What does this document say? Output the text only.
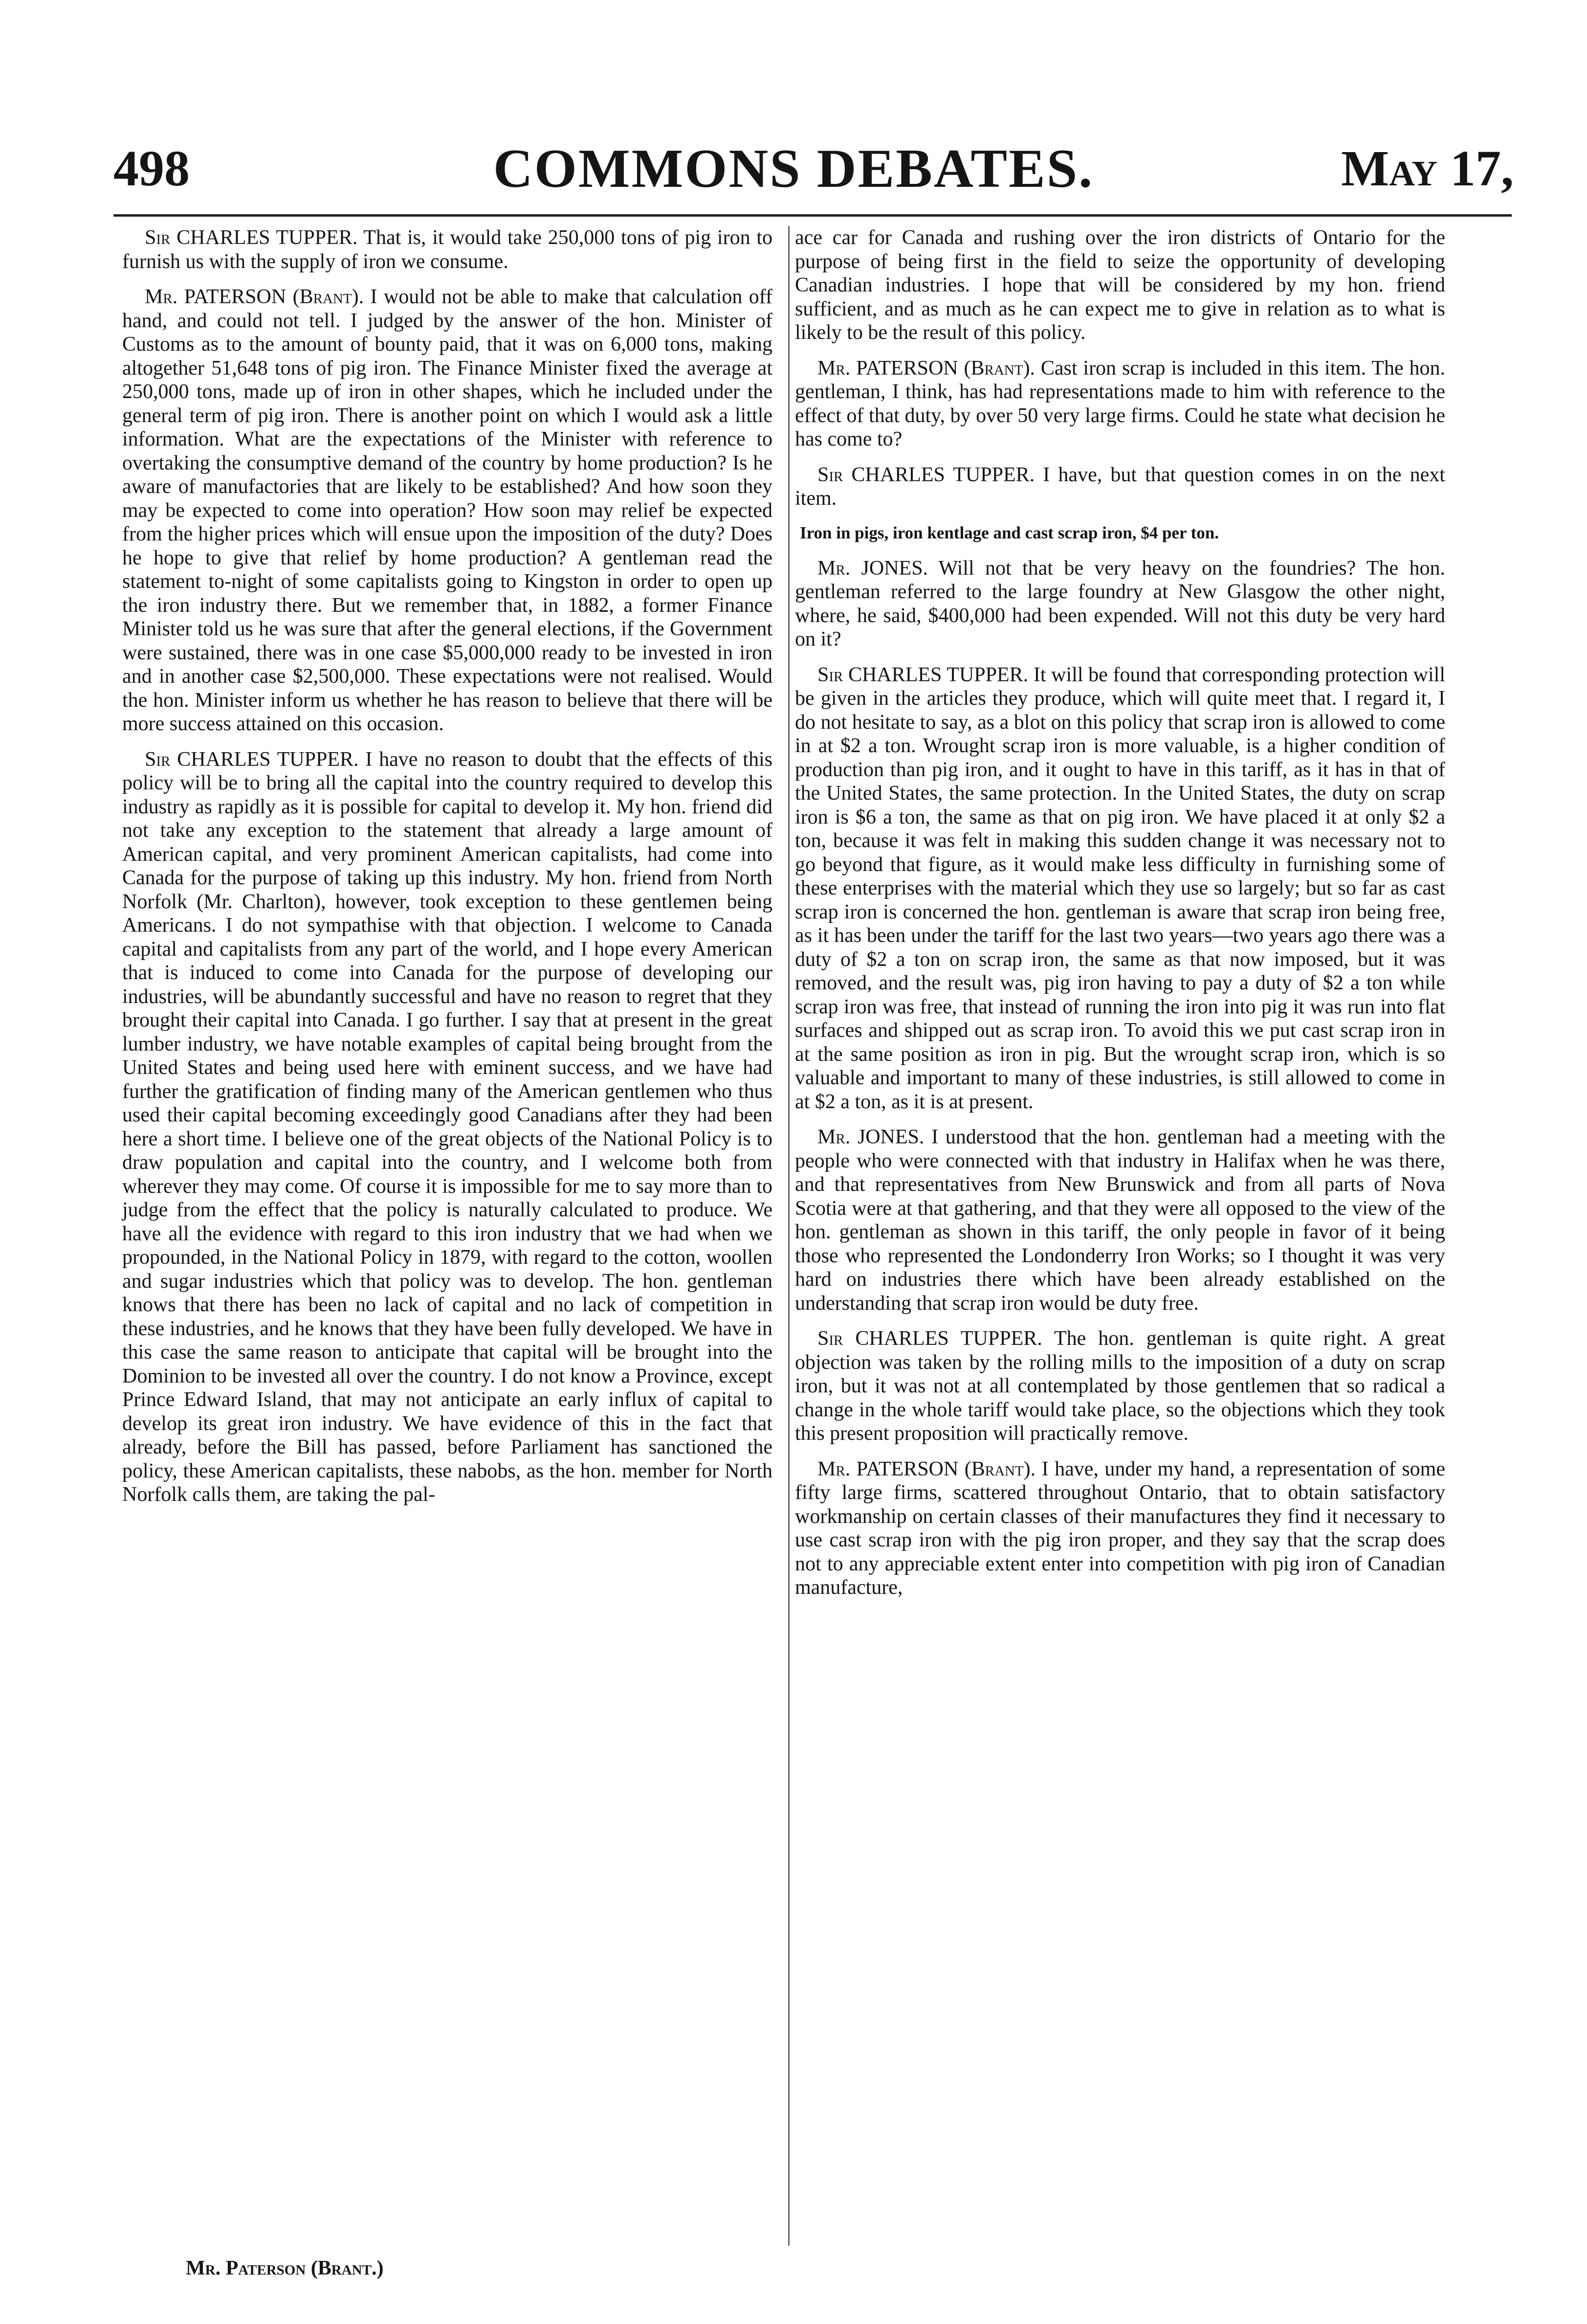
498	COMMONS DEBATES.	May 17,

Sir CHARLES TUPPER. That is, it would take 250,000 tons of pig iron to furnish us with the supply of iron we consume.

Mr. PATERSON (Brant). I would not be able to make that calculation off hand, and could not tell. I judged by the answer of the hon. Minister of Customs as to the amount of bounty paid, that it was on 6,000 tons, making altogether 51,648 tons of pig iron. The Finance Minister fixed the average at 250,000 tons, made up of iron in other shapes, which he included under the general term of pig iron. There is another point on which I would ask a little information. What are the expectations of the Minister with reference to overtaking the consumptive demand of the country by home production? Is he aware of manufactories that are likely to be established? And how soon they may be expected to come into operation? How soon may relief be expected from the higher prices which will ensue upon the imposition of the duty? Does he hope to give that relief by home production? A gentleman read the statement to-night of some capitalists going to Kingston in order to open up the iron industry there. But we remember that, in 1882, a former Finance Minister told us he was sure that after the general elections, if the Government were sustained, there was in one case $5,000,000 ready to be invested in iron and in another case $2,500,000. These expectations were not realised. Would the hon. Minister inform us whether he has reason to believe that there will be more success attained on this occasion.

Sir CHARLES TUPPER. I have no reason to doubt that the effects of this policy will be to bring all the capital into the country required to develop this industry as rapidly as it is possible for capital to develop it. My hon. friend did not take any exception to the statement that already a large amount of American capital, and very prominent American capitalists, had come into Canada for the purpose of taking up this industry. My hon. friend from North Norfolk (Mr. Charlton), however, took exception to these gentlemen being Americans. I do not sympathise with that objection. I welcome to Canada capital and capitalists from any part of the world, and I hope every American that is induced to come into Canada for the purpose of developing our industries, will be abundantly successful and have no reason to regret that they brought their capital into Canada. I go further. I say that at present in the great lumber industry, we have notable examples of capital being brought from the United States and being used here with eminent success, and we have had further the gratification of finding many of the American gentlemen who thus used their capital becoming exceedingly good Canadians after they had been here a short time. I believe one of the great objects of the National Policy is to draw population and capital into the country, and I welcome both from wherever they may come. Of course it is impossible for me to say more than to judge from the effect that the policy is naturally calculated to produce. We have all the evidence with regard to this iron industry that we had when we propounded, in the National Policy in 1879, with regard to the cotton, woollen and sugar industries which that policy was to develop. The hon. gentleman knows that there has been no lack of capital and no lack of competition in these industries, and he knows that they have been fully developed. We have in this case the same reason to anticipate that capital will be brought into the Dominion to be invested all over the country. I do not know a Province, except Prince Edward Island, that may not anticipate an early influx of capital to develop its great iron industry. We have evidence of this in the fact that already, before the Bill has passed, before Parliament has sanctioned the policy, these American capitalists, these nabobs, as the hon. member for North Norfolk calls them, are taking the pal-

ace car for Canada and rushing over the iron districts of Ontario for the purpose of being first in the field to seize the opportunity of developing Canadian industries. I hope that will be considered by my hon. friend sufficient, and as much as he can expect me to give in relation as to what is likely to be the result of this policy.

Mr. PATERSON (Brant). Cast iron scrap is included in this item. The hon. gentleman, I think, has had representations made to him with reference to the effect of that duty, by over 50 very large firms. Could he state what decision he has come to?

Sir CHARLES TUPPER. I have, but that question comes in on the next item.

Iron in pigs, iron kentlage and cast scrap iron, $4 per ton.

Mr. JONES. Will not that be very heavy on the foundries? The hon. gentleman referred to the large foundry at New Glasgow the other night, where, he said, $400,000 had been expended. Will not this duty be very hard on it?

Sir CHARLES TUPPER. It will be found that corresponding protection will be given in the articles they produce, which will quite meet that. I regard it, I do not hesitate to say, as a blot on this policy that scrap iron is allowed to come in at $2 a ton. Wrought scrap iron is more valuable, is a higher condition of production than pig iron, and it ought to have in this tariff, as it has in that of the United States, the same protection. In the United States, the duty on scrap iron is $6 a ton, the same as that on pig iron. We have placed it at only $2 a ton, because it was felt in making this sudden change it was necessary not to go beyond that figure, as it would make less difficulty in furnishing some of these enterprises with the material which they use so largely; but so far as cast scrap iron is concerned the hon. gentleman is aware that scrap iron being free, as it has been under the tariff for the last two years—two years ago there was a duty of $2 a ton on scrap iron, the same as that now imposed, but it was removed, and the result was, pig iron having to pay a duty of $2 a ton while scrap iron was free, that instead of running the iron into pig it was run into flat surfaces and shipped out as scrap iron. To avoid this we put cast scrap iron in at the same position as iron in pig. But the wrought scrap iron, which is so valuable and important to many of these industries, is still allowed to come in at $2 a ton, as it is at present.

Mr. JONES. I understood that the hon. gentleman had a meeting with the people who were connected with that industry in Halifax when he was there, and that representatives from New Brunswick and from all parts of Nova Scotia were at that gathering, and that they were all opposed to the view of the hon. gentleman as shown in this tariff, the only people in favor of it being those who represented the Londonderry Iron Works; so I thought it was very hard on industries there which have been already established on the understanding that scrap iron would be duty free.

Sir CHARLES TUPPER. The hon. gentleman is quite right. A great objection was taken by the rolling mills to the imposition of a duty on scrap iron, but it was not at all contemplated by those gentlemen that so radical a change in the whole tariff would take place, so the objections which they took this present proposition will practically remove.

Mr. PATERSON (Brant). I have, under my hand, a representation of some fifty large firms, scattered throughout Ontario, that to obtain satisfactory workmanship on certain classes of their manufactures they find it necessary to use cast scrap iron with the pig iron proper, and they say that the scrap does not to any appreciable extent enter into competition with pig iron of Canadian manufacture,

Mr. Paterson (Brant.)
